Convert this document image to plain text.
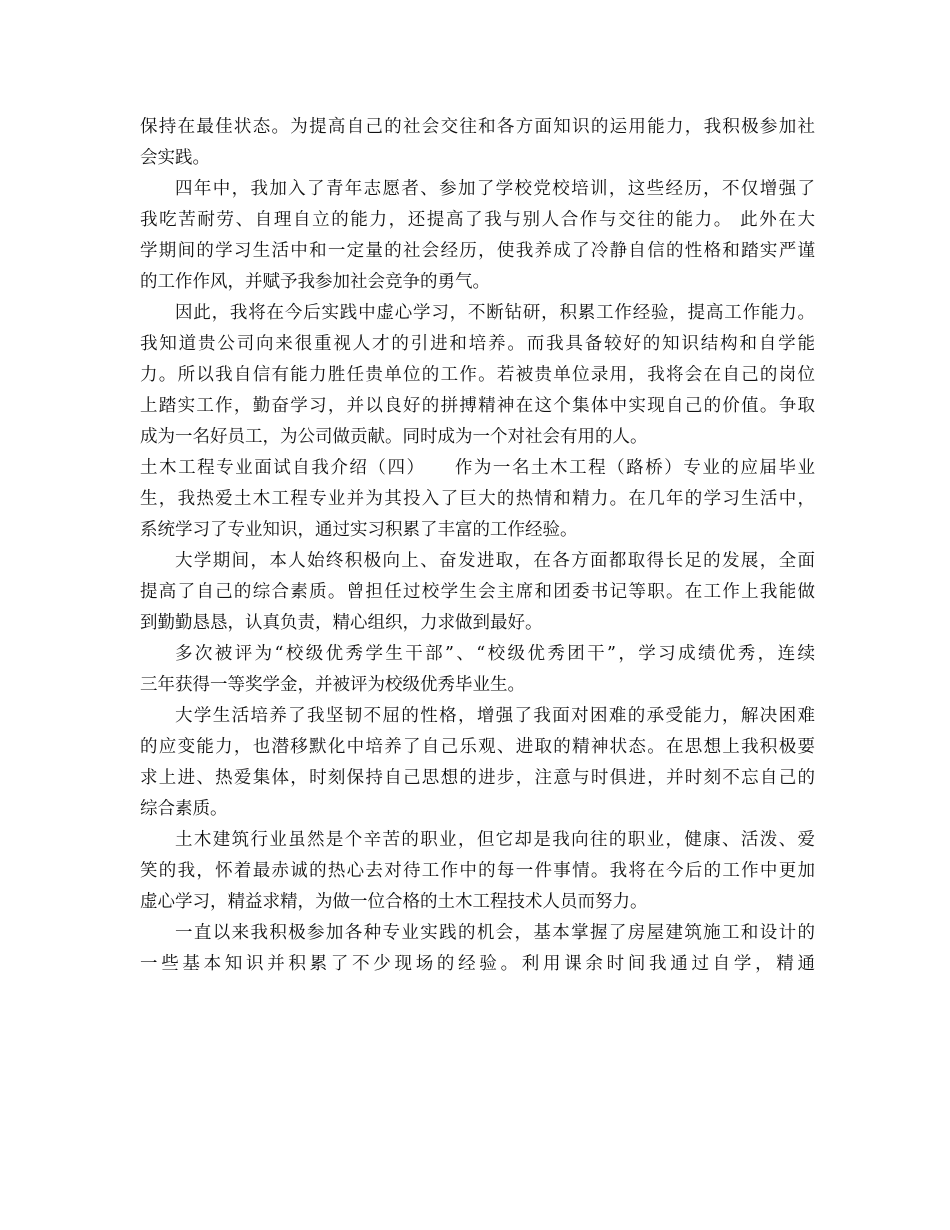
保持在最佳状态。为提高自己的社会交往和各方面知识的运用能力，我积极参加社
会实践。
四年中，我加入了青年志愿者、参加了学校党校培训，这些经历，不仅增强了
我吃苦耐劳、自理自立的能力，还提高了我与别人合作与交往的能力。 此外在大
学期间的学习生活中和一定量的社会经历，使我养成了冷静自信的性格和踏实严谨
的工作作风，并赋予我参加社会竞争的勇气。
因此，我将在今后实践中虚心学习，不断钻研，积累工作经验，提高工作能力。
我知道贵公司向来很重视人才的引进和培养。而我具备较好的知识结构和自学能
力。所以我自信有能力胜任贵单位的工作。若被贵单位录用，我将会在自己的岗位
上踏实工作，勤奋学习，并以良好的拼搏精神在这个集体中实现自己的价值。争取
成为一名好员工，为公司做贡献。同时成为一个对社会有用的人。
土木工程专业面试自我介绍（四）　　作为一名土木工程（路桥）专业的应届毕业
生，我热爱土木工程专业并为其投入了巨大的热情和精力。在几年的学习生活中，
系统学习了专业知识，通过实习积累了丰富的工作经验。
大学期间，本人始终积极向上、奋发进取，在各方面都取得长足的发展，全面
提高了自己的综合素质。曾担任过校学生会主席和团委书记等职。在工作上我能做
到勤勤恳恳，认真负责，精心组织，力求做到最好。
多次被评为“校级优秀学生干部”、“校级优秀团干”，学习成绩优秀，连续
三年获得一等奖学金，并被评为校级优秀毕业生。
大学生活培养了我坚韧不屈的性格，增强了我面对困难的承受能力，解决困难
的应变能力，也潜移默化中培养了自己乐观、进取的精神状态。在思想上我积极要
求上进、热爱集体，时刻保持自己思想的进步，注意与时俱进，并时刻不忘自己的
综合素质。
土木建筑行业虽然是个辛苦的职业，但它却是我向往的职业，健康、活泼、爱
笑的我，怀着最赤诚的热心去对待工作中的每一件事情。我将在今后的工作中更加
虚心学习，精益求精，为做一位合格的土木工程技术人员而努力。
一直以来我积极参加各种专业实践的机会，基本掌握了房屋建筑施工和设计的
一些基本知识并积累了不少现场的经验。利用课余时间我通过自学，精通
